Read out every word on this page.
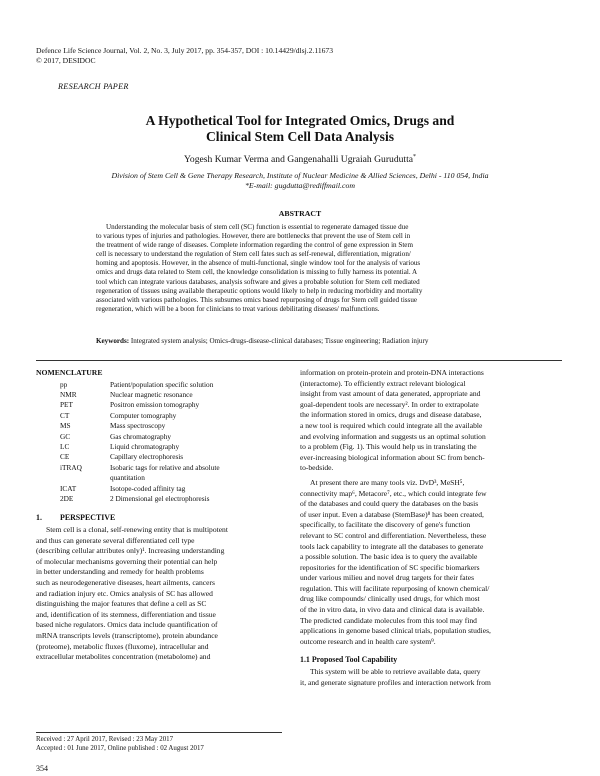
Defence Life Science Journal, Vol. 2, No. 3, July 2017, pp. 354-357, DOI : 10.14429/dlsj.2.11673
© 2017, DESIDOC
RESEARCH PAPER
A Hypothetical Tool for Integrated Omics, Drugs and
Clinical Stem Cell Data Analysis
Yogesh Kumar Verma and Gangenahalli Ugraiah Gurudutta*
Division of Stem Cell & Gene Therapy Research, Institute of Nuclear Medicine & Allied Sciences, Delhi - 110 054, India
*E-mail: gugdutta@rediffmail.com
ABSTRACT
Understanding the molecular basis of stem cell (SC) function is essential to regenerate damaged tissue due
to various types of injuries and pathologies. However, there are bottlenecks that prevent the use of Stem cell in
the treatment of wide range of diseases. Complete information regarding the control of gene expression in Stem
cell is necessary to understand the regulation of Stem cell fates such as self-renewal, differentiation, migration/
homing and apoptosis. However, in the absence of multi-functional, single window tool for the analysis of various
omics and drugs data related to Stem cell, the knowledge consolidation is missing to fully harness its potential. A
tool which can integrate various databases, analysis software and gives a probable solution for Stem cell mediated
regeneration of tissues using available therapeutic options would likely to help in reducing morbidity and mortality
associated with various pathologies. This subsumes omics based repurposing of drugs for Stem cell guided tissue
regeneration, which will be a boon for clinicians to treat various debilitating diseases/ malfunctions.
Keywords: Integrated system analysis; Omics-drugs-disease-clinical databases; Tissue engineering; Radiation injury
NOMENCLATURE
pp	Patient/population specific solution
NMR	Nuclear magnetic resonance
PET	Positron emission tomography
CT	Computer tomography
MS	Mass spectroscopy
GC	Gas chromatography
LC	Liquid chromatography
CE	Capillary electrophoresis
iTRAQ	Isobaric tags for relative and absolute
quantitation
ICAT	Isotope-coded affinity tag
2DE	2 Dimensional gel electrophoresis
1. PERSPECTIVE
Stem cell is a clonal, self-renewing entity that is multipotent
and thus can generate several differentiated cell type
(describing cellular attributes only)¹. Increasing understanding
of molecular mechanisms governing their potential can help
in better understanding and remedy for health problems
such as neurodegenerative diseases, heart ailments, cancers
and radiation injury etc. Omics analysis of SC has allowed
distinguishing the major features that define a cell as SC
and, identification of its stemness, differentiation and tissue
based niche regulators. Omics data include quantification of
mRNA transcripts levels (transcriptome), protein abundance
(proteome), metabolic fluxes (fluxome), intracellular and
extracellular metabolites concentration (metabolome) and
information on protein-protein and protein-DNA interactions
(interactome). To efficiently extract relevant biological
insight from vast amount of data generated, appropriate and
goal-dependent tools are necessary². In order to extrapolate
the information stored in omics, drugs and disease database,
a new tool is required which could integrate all the available
and evolving information and suggests us an optimal solution
to a problem (Fig. 1). This would help us in translating the
ever-increasing biological information about SC from bench-
to-bedside.
At present there are many tools viz. DvD³, MeSH⁵,
connectivity map⁶, Metacore⁷, etc., which could integrate few
of the databases and could query the databases on the basis
of user input. Even a database (StemBase)⁸ has been created,
specifically, to facilitate the discovery of gene's function
relevant to SC control and differentiation. Nevertheless, these
tools lack capability to integrate all the databases to generate
a possible solution. The basic idea is to query the available
repositories for the identification of SC specific biomarkers
under various milieu and novel drug targets for their fates
regulation. This will facilitate repurposing of known chemical/
drug like compounds/ clinically used drugs, for which most
of the in vitro data, in vivo data and clinical data is available.
The predicted candidate molecules from this tool may find
applications in genome based clinical trials, population studies,
outcome research and in health care system⁹.
1.1 Proposed Tool Capability
This system will be able to retrieve available data, query
it, and generate signature profiles and interaction network from
Received : 27 April 2017, Revised : 23 May 2017
Accepted : 01 June 2017, Online published : 02 August 2017
354
